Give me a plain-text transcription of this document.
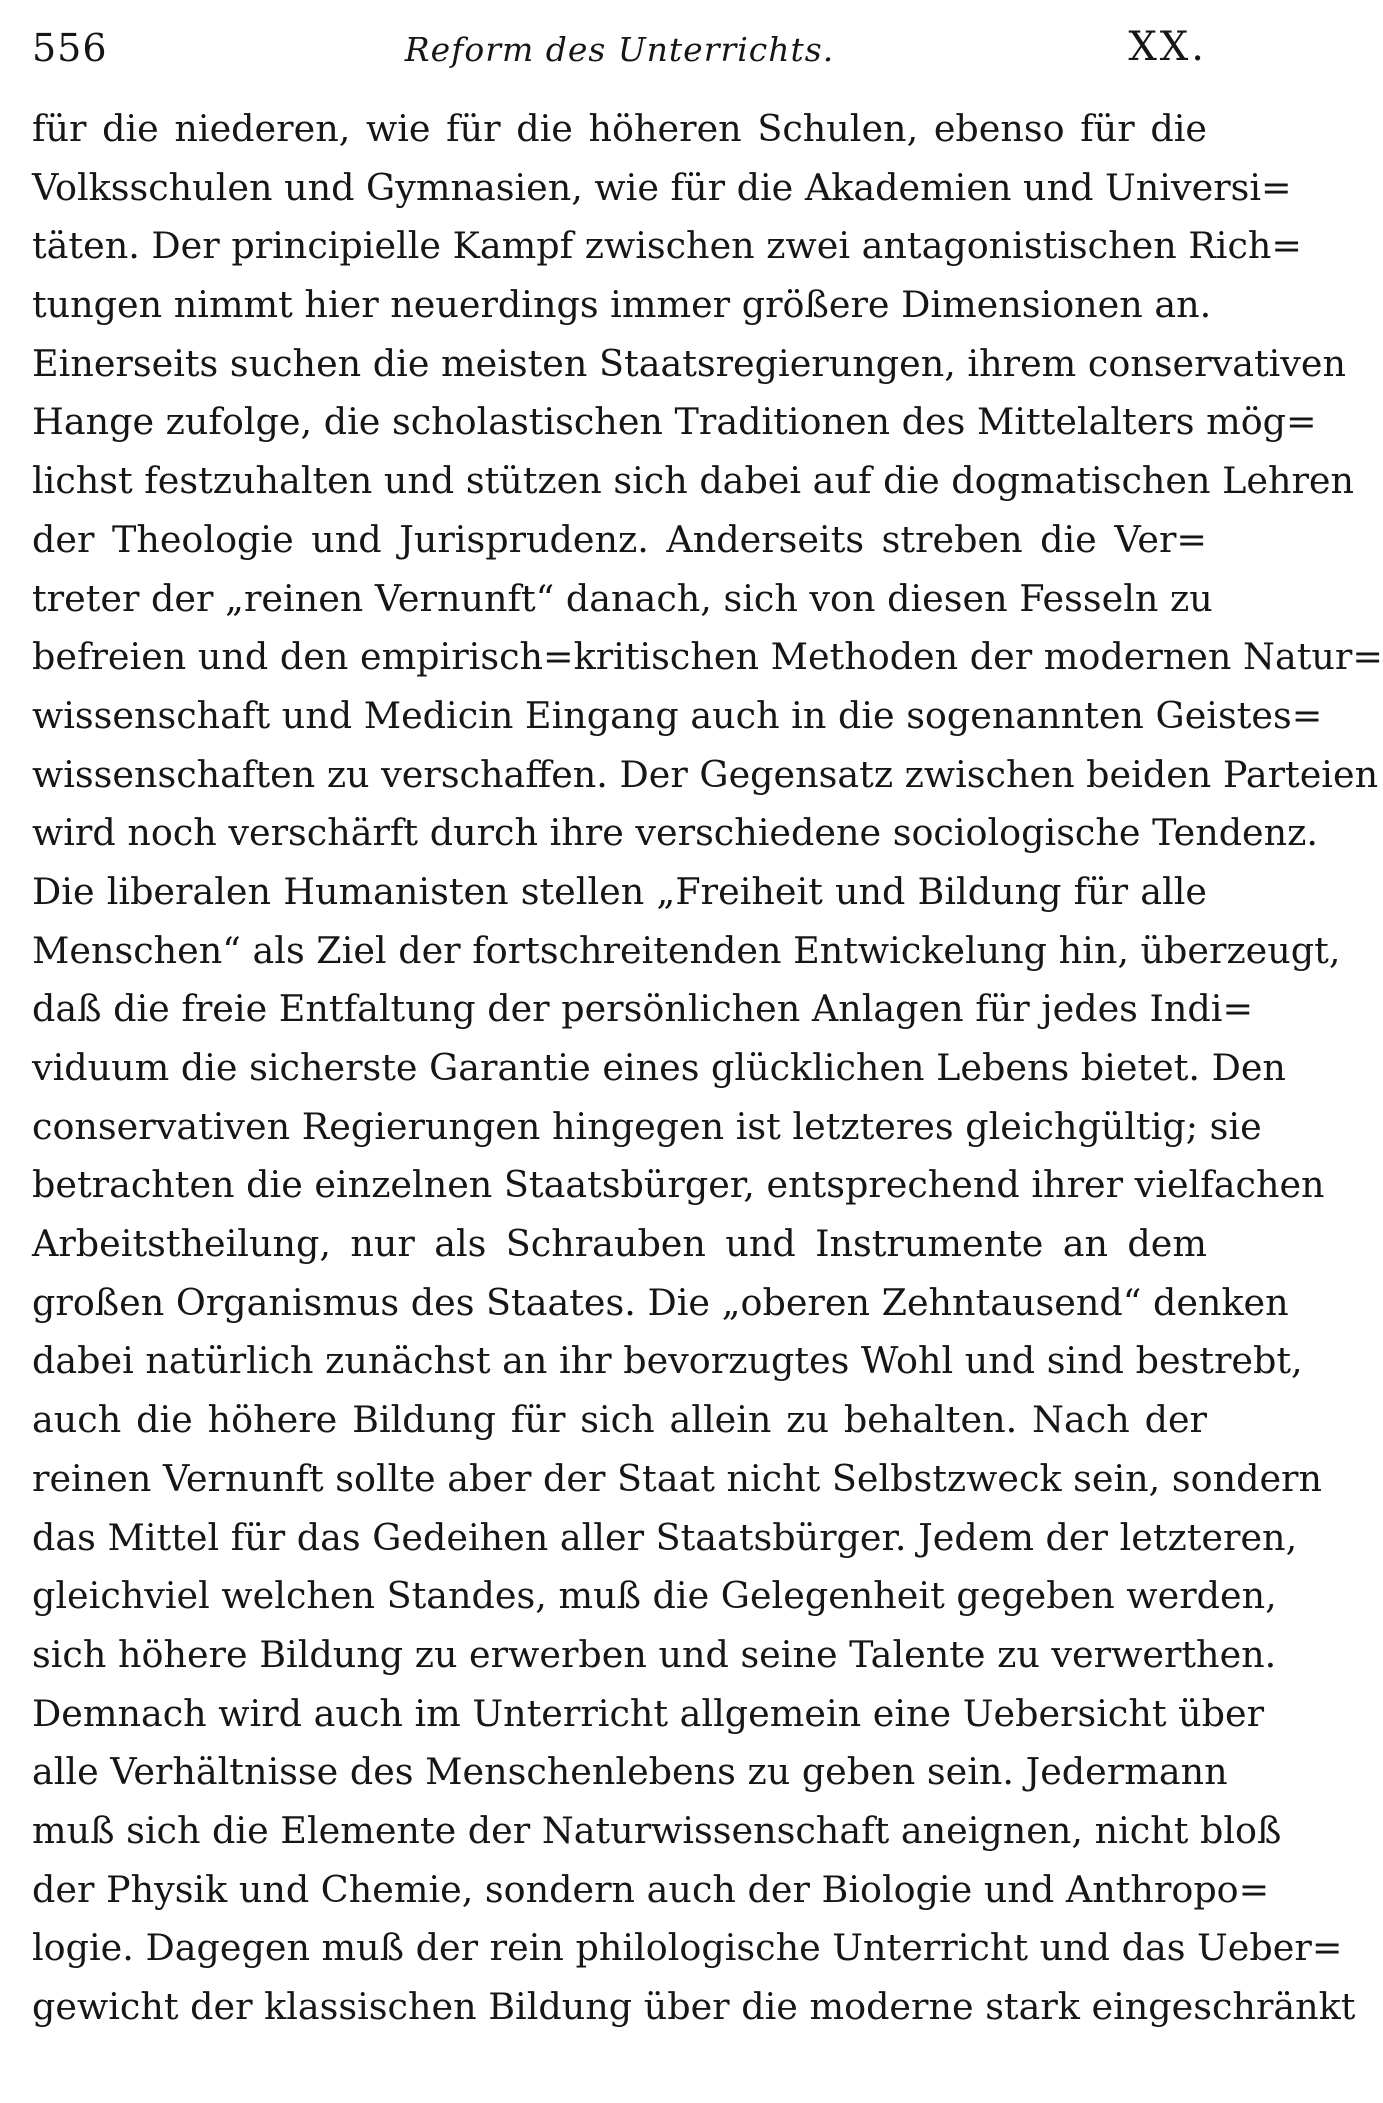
556	Reform des Unterrichts.	XX.
für die niederen, wie für die höheren Schulen, ebenso für die
Volksschulen und Gymnasien, wie für die Akademien und Universi=
täten. Der principielle Kampf zwischen zwei antagonistischen Rich=
tungen nimmt hier neuerdings immer größere Dimensionen an.
Einerseits suchen die meisten Staatsregierungen, ihrem conservativen
Hange zufolge, die scholastischen Traditionen des Mittelalters mög=
lichst festzuhalten und stützen sich dabei auf die dogmatischen Lehren
der Theologie und Jurisprudenz. Anderseits streben die Ver=
treter der „reinen Vernunft“ danach, sich von diesen Fesseln zu
befreien und den empirisch=kritischen Methoden der modernen Natur=
wissenschaft und Medicin Eingang auch in die sogenannten Geistes=
wissenschaften zu verschaffen. Der Gegensatz zwischen beiden Parteien
wird noch verschärft durch ihre verschiedene sociologische Tendenz.
Die liberalen Humanisten stellen „Freiheit und Bildung für alle
Menschen“ als Ziel der fortschreitenden Entwickelung hin, überzeugt,
daß die freie Entfaltung der persönlichen Anlagen für jedes Indi=
viduum die sicherste Garantie eines glücklichen Lebens bietet. Den
conservativen Regierungen hingegen ist letzteres gleichgültig; sie
betrachten die einzelnen Staatsbürger, entsprechend ihrer vielfachen
Arbeitstheilung, nur als Schrauben und Instrumente an dem
großen Organismus des Staates. Die „oberen Zehntausend“ denken
dabei natürlich zunächst an ihr bevorzugtes Wohl und sind bestrebt,
auch die höhere Bildung für sich allein zu behalten. Nach der
reinen Vernunft sollte aber der Staat nicht Selbstzweck sein, sondern
das Mittel für das Gedeihen aller Staatsbürger. Jedem der letzteren,
gleichviel welchen Standes, muß die Gelegenheit gegeben werden,
sich höhere Bildung zu erwerben und seine Talente zu verwerthen.
Demnach wird auch im Unterricht allgemein eine Uebersicht über
alle Verhältnisse des Menschenlebens zu geben sein. Jedermann
muß sich die Elemente der Naturwissenschaft aneignen, nicht bloß
der Physik und Chemie, sondern auch der Biologie und Anthropo=
logie. Dagegen muß der rein philologische Unterricht und das Ueber=
gewicht der klassischen Bildung über die moderne stark eingeschränkt
